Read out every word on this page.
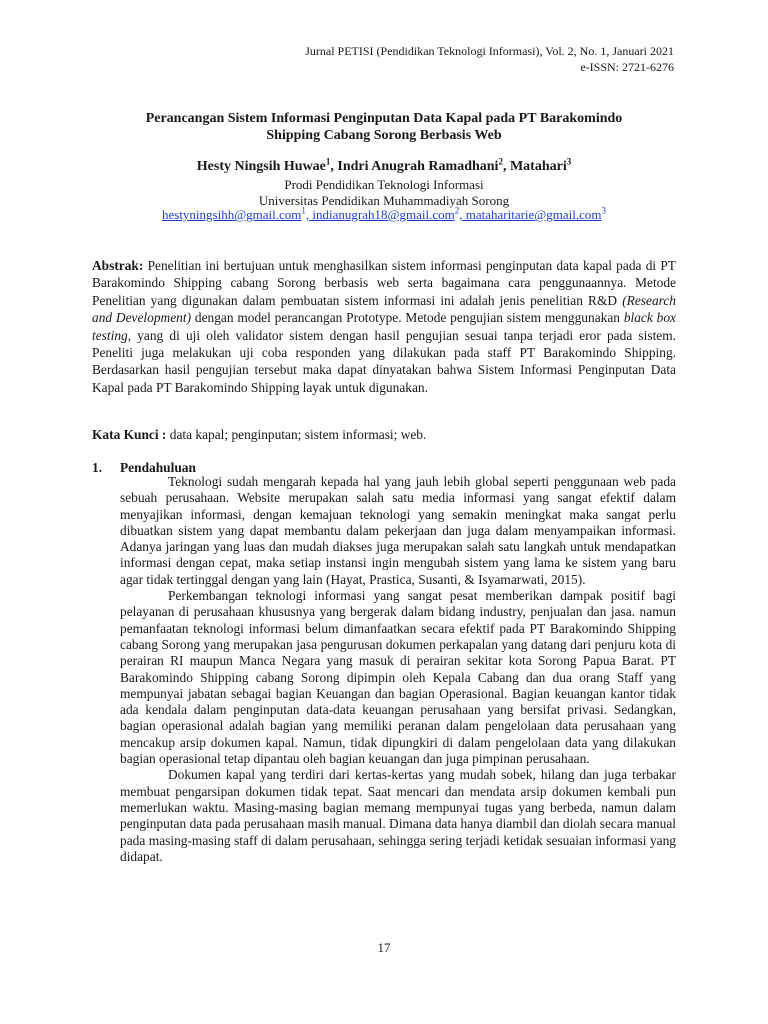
Jurnal PETISI (Pendidikan Teknologi Informasi), Vol. 2, No. 1, Januari 2021
e-ISSN: 2721-6276
Perancangan Sistem Informasi Penginputan Data Kapal pada PT Barakomindo
Shipping Cabang Sorong Berbasis Web
Hesty Ningsih Huwae$^1$, Indri Anugrah Ramadhani$^2$, Matahari$^3$
Prodi Pendidikan Teknologi Informasi
Universitas Pendidikan Muhammadiyah Sorong
hestyningsihh@gmail.com$^1$, indianugrah18@gmail.com$^2$, mataharitarie@gmail.com$^3$
Abstrak: Penelitian ini bertujuan untuk menghasilkan sistem informasi penginputan data kapal pada di PT Barakomindo Shipping cabang Sorong berbasis web serta bagaimana cara penggunaannya. Metode Penelitian yang digunakan dalam pembuatan sistem informasi ini adalah jenis penelitian R&D (Research and Development) dengan model perancangan Prototype. Metode pengujian sistem menggunakan black box testing, yang di uji oleh validator sistem dengan hasil pengujian sesuai tanpa terjadi eror pada sistem. Peneliti juga melakukan uji coba responden yang dilakukan pada staff PT Barakomindo Shipping. Berdasarkan hasil pengujian tersebut maka dapat dinyatakan bahwa Sistem Informasi Penginputan Data Kapal pada PT Barakomindo Shipping layak untuk digunakan.
Kata Kunci : data kapal; penginputan; sistem informasi; web.
1. Pendahuluan

Teknologi sudah mengarah kepada hal yang jauh lebih global seperti penggunaan web pada sebuah perusahaan. Website merupakan salah satu media informasi yang sangat efektif dalam menyajikan informasi, dengan kemajuan teknologi yang semakin meningkat maka sangat perlu dibuatkan sistem yang dapat membantu dalam pekerjaan dan juga dalam menyampaikan informasi. Adanya jaringan yang luas dan mudah diakses juga merupakan salah satu langkah untuk mendapatkan informasi dengan cepat, maka setiap instansi ingin mengubah sistem yang lama ke sistem yang baru agar tidak tertinggal dengan yang lain (Hayat, Prastica, Susanti, & Isyamarwati, 2015).

Perkembangan teknologi informasi yang sangat pesat memberikan dampak positif bagi pelayanan di perusahaan khususnya yang bergerak dalam bidang industry, penjualan dan jasa. namun pemanfaatan teknologi informasi belum dimanfaatkan secara efektif pada PT Barakomindo Shipping cabang Sorong yang merupakan jasa pengurusan dokumen perkapalan yang datang dari penjuru kota di perairan RI maupun Manca Negara yang masuk di perairan sekitar kota Sorong Papua Barat. PT Barakomindo Shipping cabang Sorong dipimpin oleh Kepala Cabang dan dua orang Staff yang mempunyai jabatan sebagai bagian Keuangan dan bagian Operasional. Bagian keuangan kantor tidak ada kendala dalam penginputan data-data keuangan perusahaan yang bersifat privasi. Sedangkan, bagian operasional adalah bagian yang memiliki peranan dalam pengelolaan data perusahaan yang mencakup arsip dokumen kapal. Namun, tidak dipungkiri di dalam pengelolaan data yang dilakukan bagian operasional tetap dipantau oleh bagian keuangan dan juga pimpinan perusahaan.

Dokumen kapal yang terdiri dari kertas-kertas yang mudah sobek, hilang dan juga terbakar membuat pengarsipan dokumen tidak tepat. Saat mencari dan mendata arsip dokumen kembali pun memerlukan waktu. Masing-masing bagian memang mempunyai tugas yang berbeda, namun dalam penginputan data pada perusahaan masih manual. Dimana data hanya diambil dan diolah secara manual pada masing-masing staff di dalam perusahaan, sehingga sering terjadi ketidak sesuaian informasi yang didapat.

17
